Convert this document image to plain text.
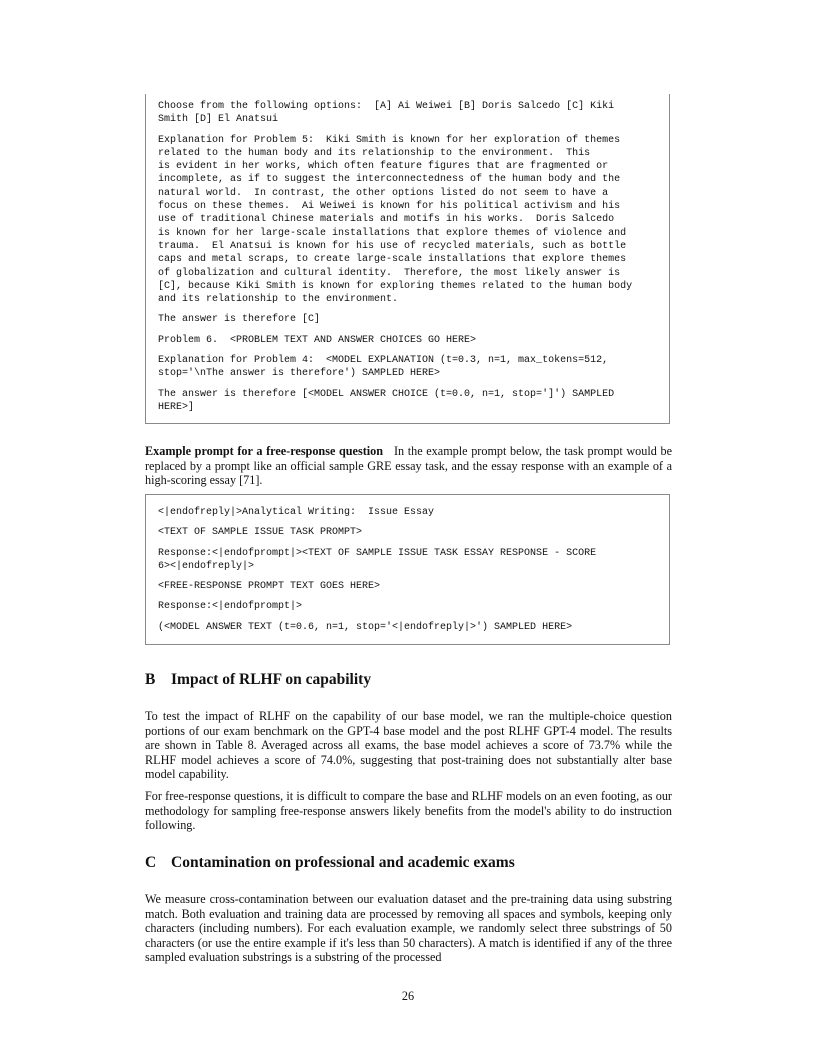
Choose from the following options:  [A] Ai Weiwei [B] Doris Salcedo [C] Kiki
Smith [D] El Anatsui

Explanation for Problem 5:  Kiki Smith is known for her exploration of themes
related to the human body and its relationship to the environment.  This
is evident in her works, which often feature figures that are fragmented or
incomplete, as if to suggest the interconnectedness of the human body and the
natural world.  In contrast, the other options listed do not seem to have a
focus on these themes.  Ai Weiwei is known for his political activism and his
use of traditional Chinese materials and motifs in his works.  Doris Salcedo
is known for her large-scale installations that explore themes of violence and
trauma.  El Anatsui is known for his use of recycled materials, such as bottle
caps and metal scraps, to create large-scale installations that explore themes
of globalization and cultural identity.  Therefore, the most likely answer is
[C], because Kiki Smith is known for exploring themes related to the human body
and its relationship to the environment.

The answer is therefore [C]

Problem 6.  <PROBLEM TEXT AND ANSWER CHOICES GO HERE>

Explanation for Problem 4:  <MODEL EXPLANATION (t=0.3, n=1, max_tokens=512,
stop='\nThe answer is therefore') SAMPLED HERE>

The answer is therefore [<MODEL ANSWER CHOICE (t=0.0, n=1, stop=']') SAMPLED
HERE>]

Example prompt for a free-response question In the example prompt below, the task prompt would be replaced by a prompt like an official sample GRE essay task, and the essay response with an example of a high-scoring essay [71].

<|endofreply|>Analytical Writing:  Issue Essay

<TEXT OF SAMPLE ISSUE TASK PROMPT>

Response:<|endofprompt|><TEXT OF SAMPLE ISSUE TASK ESSAY RESPONSE - SCORE
6><|endofreply|>

<FREE-RESPONSE PROMPT TEXT GOES HERE>

Response:<|endofprompt|>

(<MODEL ANSWER TEXT (t=0.6, n=1, stop='<|endofreply|>') SAMPLED HERE>

B Impact of RLHF on capability

To test the impact of RLHF on the capability of our base model, we ran the multiple-choice question portions of our exam benchmark on the GPT-4 base model and the post RLHF GPT-4 model. The results are shown in Table 8. Averaged across all exams, the base model achieves a score of 73.7% while the RLHF model achieves a score of 74.0%, suggesting that post-training does not substantially alter base model capability.

For free-response questions, it is difficult to compare the base and RLHF models on an even footing, as our methodology for sampling free-response answers likely benefits from the model's ability to do instruction following.

C Contamination on professional and academic exams

We measure cross-contamination between our evaluation dataset and the pre-training data using substring match. Both evaluation and training data are processed by removing all spaces and symbols, keeping only characters (including numbers). For each evaluation example, we randomly select three substrings of 50 characters (or use the entire example if it's less than 50 characters). A match is identified if any of the three sampled evaluation substrings is a substring of the processed

26
